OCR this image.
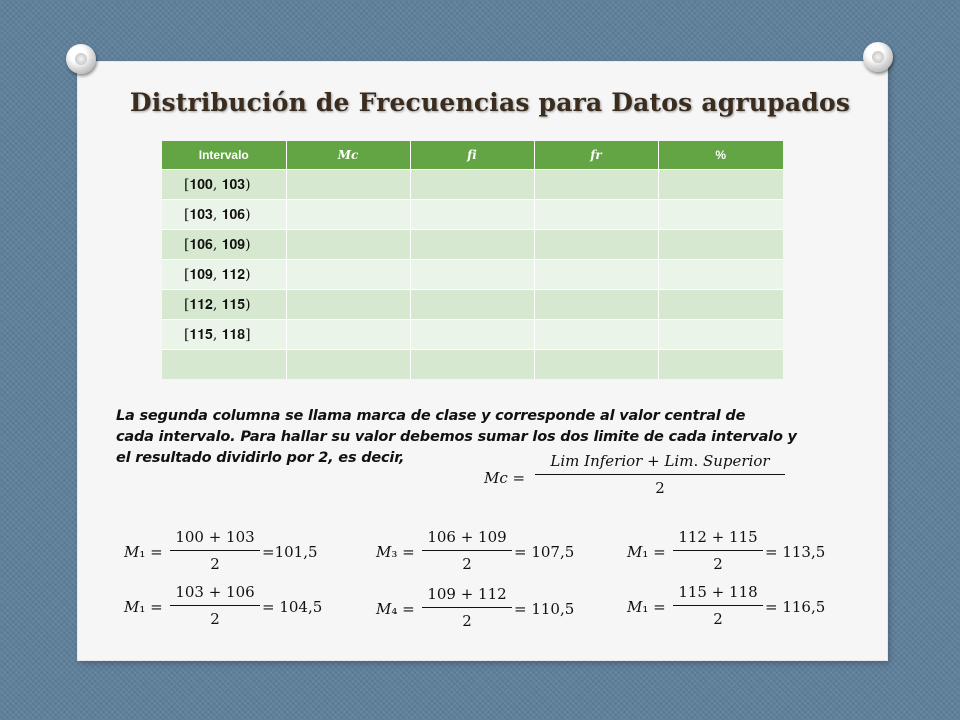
Distribución de Frecuencias para Datos agrupados
Intervalo	𝑴𝒄	𝒇𝒊	𝒇𝒓	%
[𝟏𝟎𝟎, 𝟏𝟎𝟑)				
[𝟏𝟎𝟑, 𝟏𝟎𝟔)				
[𝟏𝟎𝟔, 𝟏𝟎𝟗)				
[𝟏𝟎𝟗, 𝟏𝟏𝟐)				
[𝟏𝟏𝟐, 𝟏𝟏𝟓)				
[𝟏𝟏𝟓, 𝟏𝟏𝟖]				

La segunda columna se llama marca de clase y corresponde al valor central de
cada intervalo. Para hallar su valor debemos sumar los dos limite de cada intervalo y
el resultado dividirlo por 2, es decir,
𝑀𝑐 =
𝐿𝑖𝑚 𝐼𝑛𝑓𝑒𝑟𝑖𝑜𝑟 + 𝐿𝑖𝑚. 𝑆𝑢𝑝𝑒𝑟𝑖𝑜𝑟
2
𝑀₁ =
100 + 103
2
=101,5
𝑀₁ =
103 + 106
2
= 104,5
𝑀₃ =
106 + 109
2
= 107,5
𝑀₄ =
109 + 112
2
= 110,5
𝑀₁ =
112 + 115
2
= 113,5
𝑀₁ =
115 + 118
2
= 116,5
